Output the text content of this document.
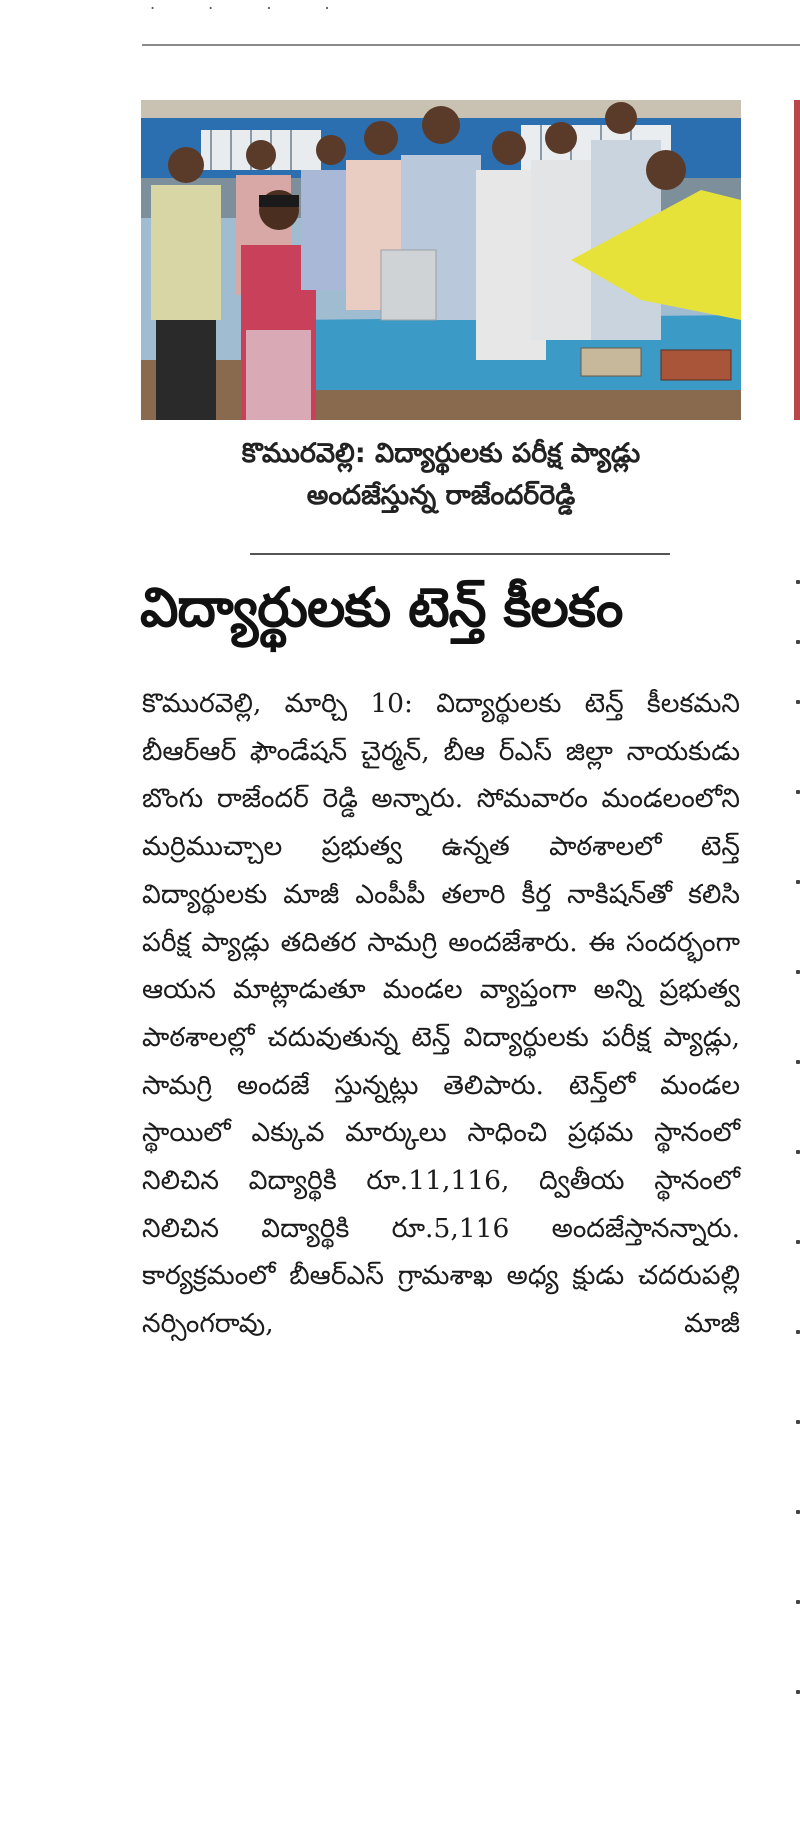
. . . .
కొమురవెల్లి: విద్యార్థులకు పరీక్ష ప్యాడ్లు
అందజేస్తున్న రాజేందర్‌రెడ్డి
విద్యార్థులకు టెన్త్‌ కీలకం

కొమురవెల్లి, మార్చి 10: విద్యార్థులకు టెన్త్‌ కీలకమని బీఆర్‌ఆర్‌ ఫౌండేషన్‌ చైర్మన్‌, బీఆ ర్‌ఎస్‌ జిల్లా నాయకుడు బొంగు రాజేందర్‌ రెడ్డి అన్నారు. సోమవారం మండలంలోని మర్రిముచ్చాల ప్రభుత్వ ఉన్నత పాఠశాలలో టెన్త్‌ విద్యార్థులకు మాజీ ఎంపీపీ తలారి కీర్త నాకిషన్‌తో కలిసి పరీక్ష ప్యాడ్లు తదితర సామగ్రి అందజేశారు. ఈ సందర్భంగా ఆయన మాట్లాడుతూ మండల వ్యాప్తంగా అన్ని ప్రభుత్వ పాఠశాలల్లో చదువుతున్న టెన్త్‌ విద్యార్థులకు పరీక్ష ప్యాడ్లు, సామగ్రి అందజే స్తున్నట్లు తెలిపారు. టెన్త్‌లో మండల స్థాయిలో ఎక్కువ మార్కులు సాధించి ప్రథమ స్థానంలో నిలిచిన విద్యార్థికి రూ.11,116, ద్వితీయ స్థానంలో నిలిచిన విద్యార్థికి రూ.5,116 అందజేస్తానన్నారు. కార్యక్రమంలో బీఆర్‌ఎస్‌ గ్రామశాఖ అధ్య క్షుడు చదరుపల్లి నర్సింగరావు, మాజీ
